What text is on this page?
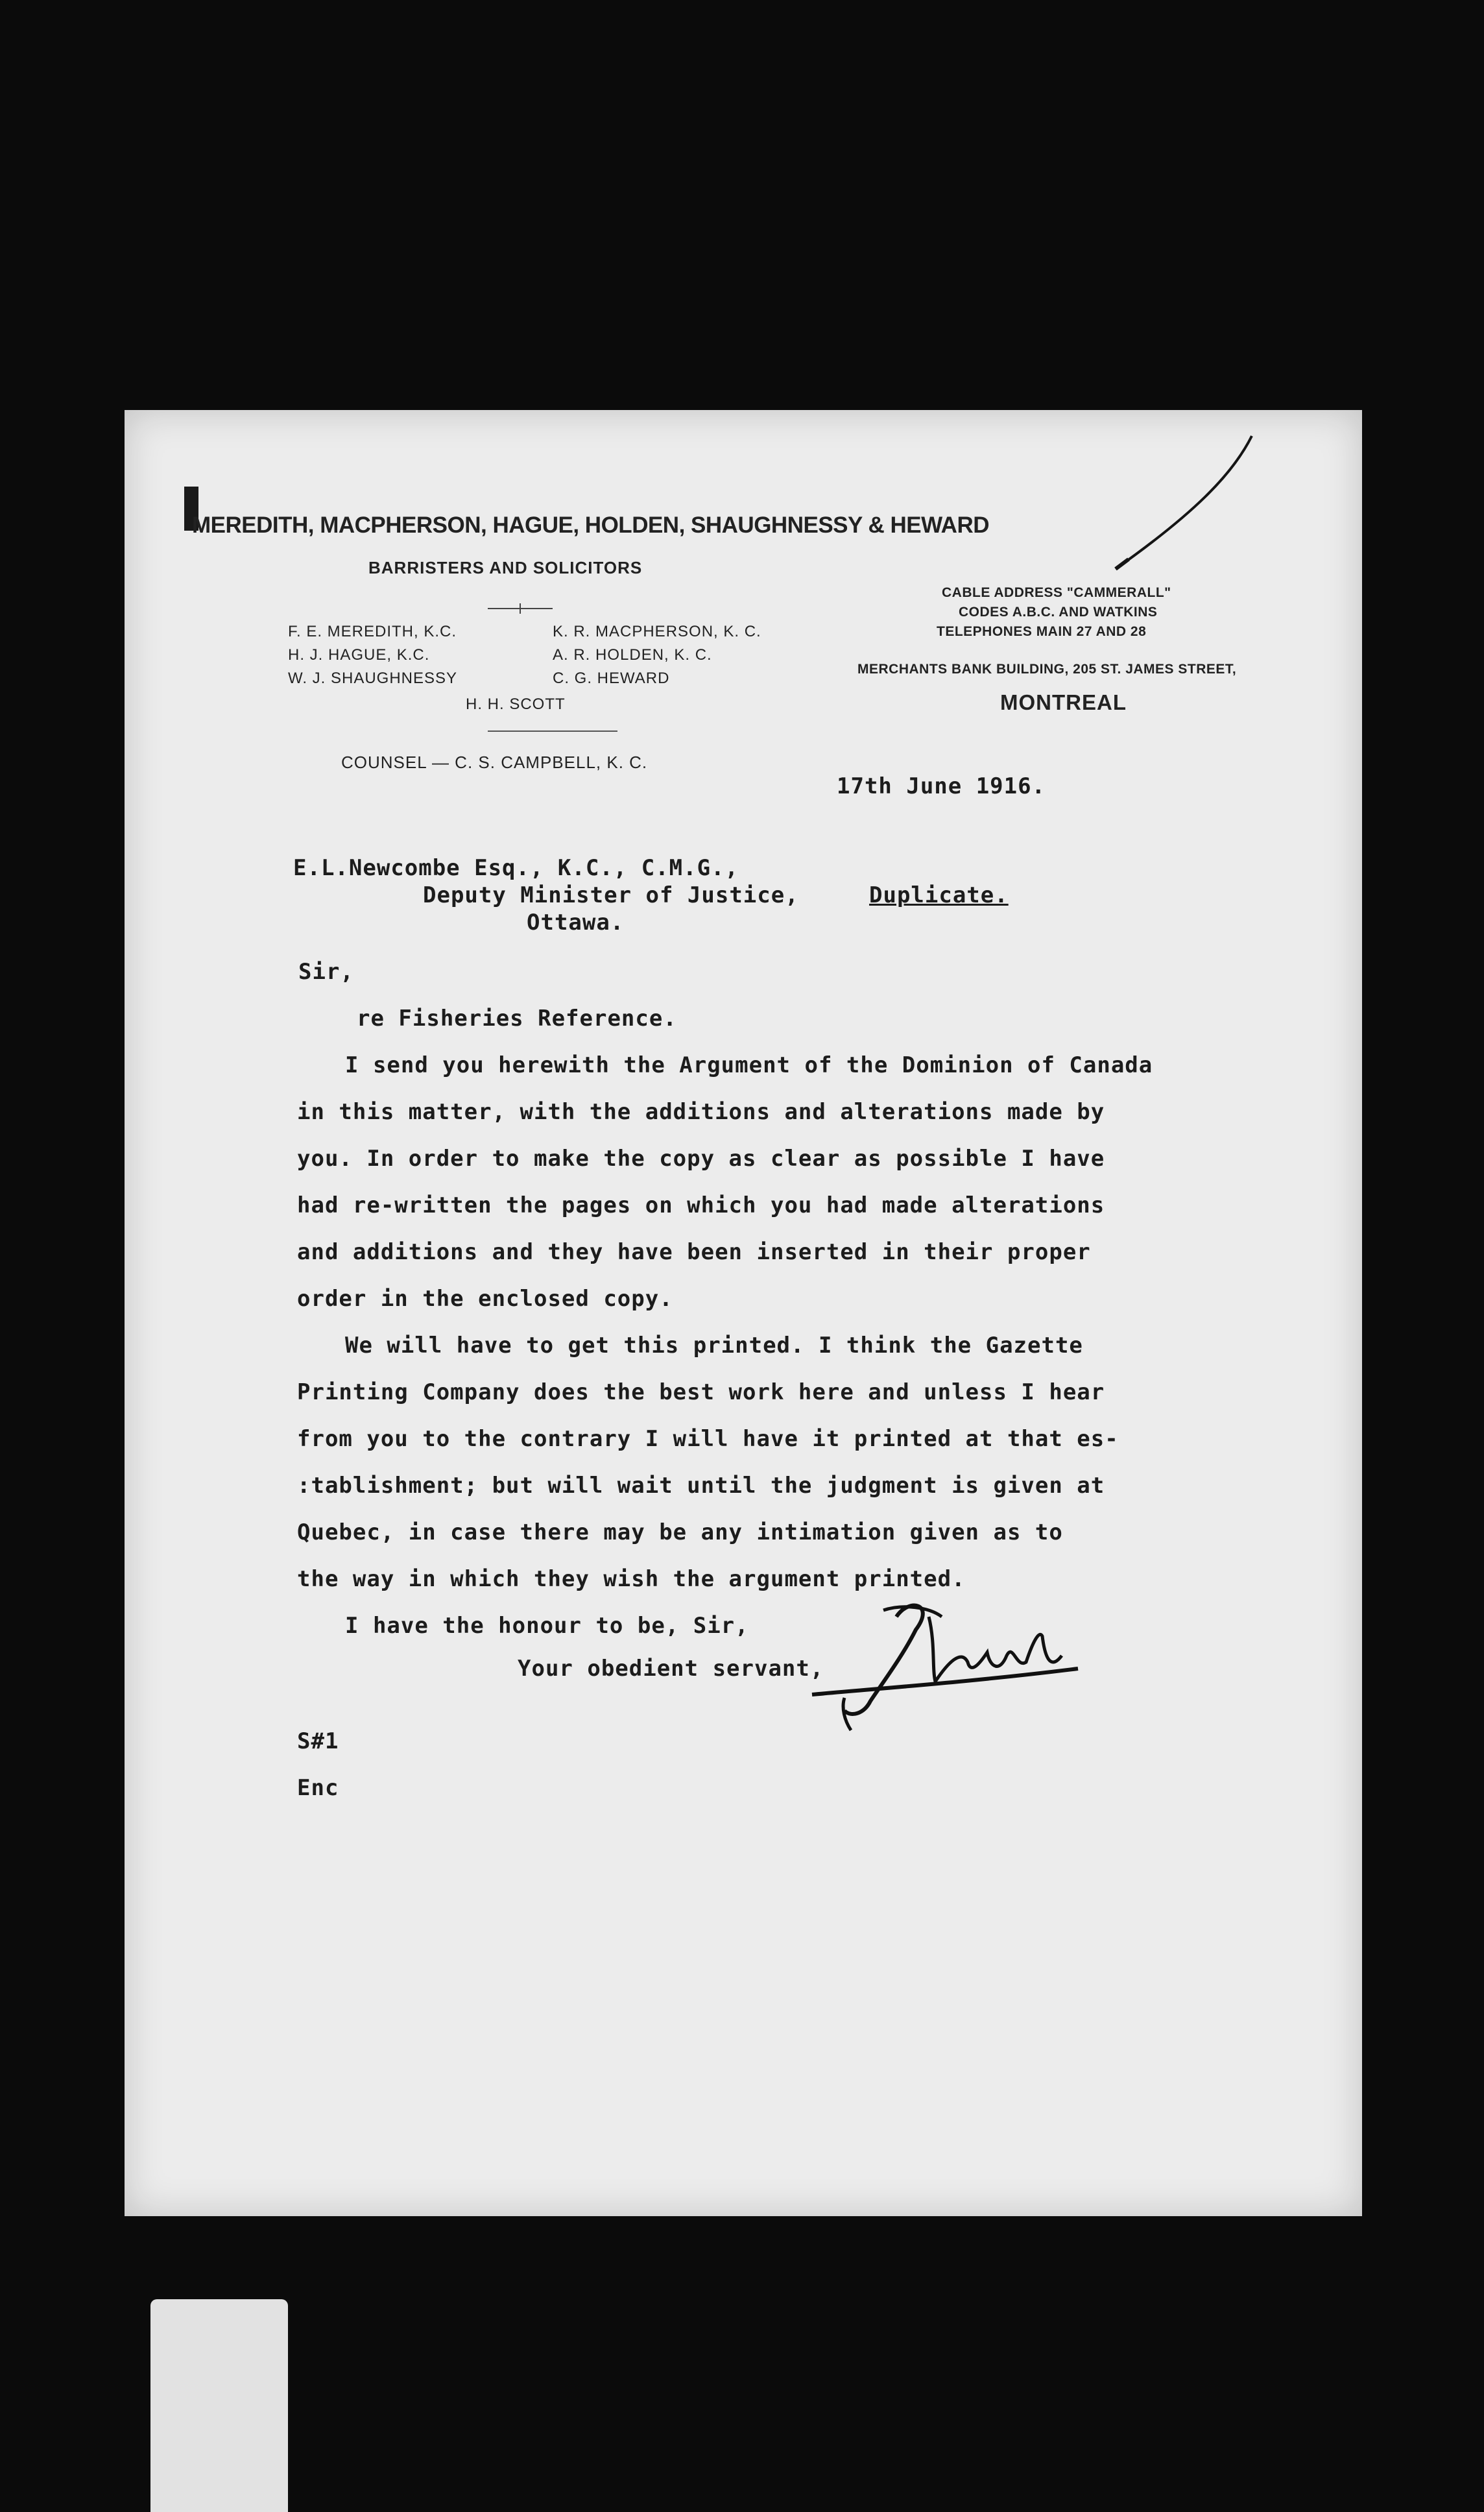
MEREDITH, MACPHERSON, HAGUE, HOLDEN, SHAUGHNESSY & HEWARD
BARRISTERS AND SOLICITORS
F. E. MEREDITH, K.C.
H. J. HAGUE, K.C.
W. J. SHAUGHNESSY
K. R. MACPHERSON, K. C.
A. R. HOLDEN, K. C.
C. G. HEWARD
H. H. SCOTT
COUNSEL — C. S. CAMPBELL, K. C.
CABLE ADDRESS "CAMMERALL"
CODES A.B.C. AND WATKINS
TELEPHONES MAIN 27 AND 28
MERCHANTS BANK BUILDING, 205 ST. JAMES STREET,
MONTREAL
17th June 1916.
E.L.Newcombe Esq., K.C., C.M.G.,
Deputy Minister of Justice,
Ottawa.
Duplicate.
Sir,
re Fisheries Reference.
I send you herewith the Argument of the Dominion of Canada
in this matter, with the additions and alterations made by
you. In order to make the copy as clear as possible I have
had re-written the pages on which you had made alterations
and additions and they have been inserted in their proper
order in the enclosed copy.
We will have to get this printed. I think the Gazette
Printing Company does the best work here and unless I hear
from you to the contrary I will have it printed at that es-
:tablishment; but will wait until the judgment is given at
Quebec, in case there may be any intimation given as to
the way in which they wish the argument printed.
I have the honour to be, Sir,
Your obedient servant,
S#1
Enc
